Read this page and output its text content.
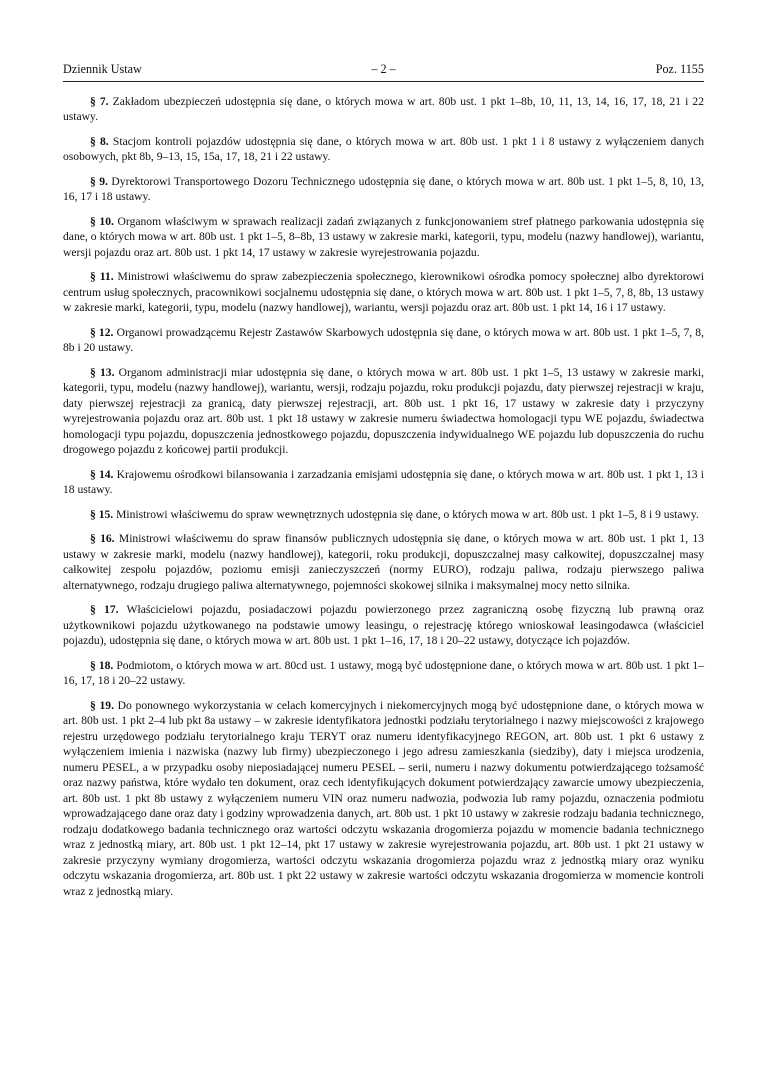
Dziennik Ustaw	– 2 –	Poz. 1155

§ 7. Zakładom ubezpieczeń udostępnia się dane, o których mowa w art. 80b ust. 1 pkt 1–8b, 10, 11, 13, 14, 16, 17, 18, 21 i 22 ustawy.

§ 8. Stacjom kontroli pojazdów udostępnia się dane, o których mowa w art. 80b ust. 1 pkt 1 i 8 ustawy z wyłączeniem danych osobowych, pkt 8b, 9–13, 15, 15a, 17, 18, 21 i 22 ustawy.

§ 9. Dyrektorowi Transportowego Dozoru Technicznego udostępnia się dane, o których mowa w art. 80b ust. 1 pkt 1–5, 8, 10, 13, 16, 17 i 18 ustawy.

§ 10. Organom właściwym w sprawach realizacji zadań związanych z funkcjonowaniem stref płatnego parkowania udostępnia się dane, o których mowa w art. 80b ust. 1 pkt 1–5, 8–8b, 13 ustawy w zakresie marki, kategorii, typu, modelu (nazwy handlowej), wariantu, wersji pojazdu oraz art. 80b ust. 1 pkt 14, 17 ustawy w zakresie wyrejestrowania pojazdu.

§ 11. Ministrowi właściwemu do spraw zabezpieczenia społecznego, kierownikowi ośrodka pomocy społecznej albo dyrektorowi centrum usług społecznych, pracownikowi socjalnemu udostępnia się dane, o których mowa w art. 80b ust. 1 pkt 1–5, 7, 8, 8b, 13 ustawy w zakresie marki, kategorii, typu, modelu (nazwy handlowej), wariantu, wersji pojazdu oraz art. 80b ust. 1 pkt 14, 16 i 17 ustawy.

§ 12. Organowi prowadzącemu Rejestr Zastawów Skarbowych udostępnia się dane, o których mowa w art. 80b ust. 1 pkt 1–5, 7, 8, 8b i 20 ustawy.

§ 13. Organom administracji miar udostępnia się dane, o których mowa w art. 80b ust. 1 pkt 1–5, 13 ustawy w zakresie marki, kategorii, typu, modelu (nazwy handlowej), wariantu, wersji, rodzaju pojazdu, roku produkcji pojazdu, daty pierwszej rejestracji w kraju, daty pierwszej rejestracji za granicą, daty pierwszej rejestracji, art. 80b ust. 1 pkt 16, 17 ustawy w zakresie daty i przyczyny wyrejestrowania pojazdu oraz art. 80b ust. 1 pkt 18 ustawy w zakresie numeru świadectwa homologacji typu WE pojazdu, świadectwa homologacji typu pojazdu, dopuszczenia jednostkowego pojazdu, dopuszczenia indywidualnego WE pojazdu lub dopuszczenia do ruchu drogowego pojazdu z końcowej partii produkcji.

§ 14. Krajowemu ośrodkowi bilansowania i zarzadzania emisjami udostępnia się dane, o których mowa w art. 80b ust. 1 pkt 1, 13 i 18 ustawy.

§ 15. Ministrowi właściwemu do spraw wewnętrznych udostępnia się dane, o których mowa w art. 80b ust. 1 pkt 1–5, 8 i 9 ustawy.

§ 16. Ministrowi właściwemu do spraw finansów publicznych udostępnia się dane, o których mowa w art. 80b ust. 1 pkt 1, 13 ustawy w zakresie marki, modelu (nazwy handlowej), kategorii, roku produkcji, dopuszczalnej masy całkowitej, dopuszczalnej masy całkowitej zespołu pojazdów, poziomu emisji zanieczyszczeń (normy EURO), rodzaju paliwa, rodzaju pierwszego paliwa alternatywnego, rodzaju drugiego paliwa alternatywnego, pojemności skokowej silnika i maksymalnej mocy netto silnika.

§ 17. Właścicielowi pojazdu, posiadaczowi pojazdu powierzonego przez zagraniczną osobę fizyczną lub prawną oraz użytkownikowi pojazdu użytkowanego na podstawie umowy leasingu, o rejestrację którego wnioskował leasingodawca (właściciel pojazdu), udostępnia się dane, o których mowa w art. 80b ust. 1 pkt 1–16, 17, 18 i 20–22 ustawy, dotyczące ich pojazdów.

§ 18. Podmiotom, o których mowa w art. 80cd ust. 1 ustawy, mogą być udostępnione dane, o których mowa w art. 80b ust. 1 pkt 1–16, 17, 18 i 20–22 ustawy.

§ 19. Do ponownego wykorzystania w celach komercyjnych i niekomercyjnych mogą być udostępnione dane, o których mowa w art. 80b ust. 1 pkt 2–4 lub pkt 8a ustawy – w zakresie identyfikatora jednostki podziału terytorialnego i nazwy miejscowości z krajowego rejestru urzędowego podziału terytorialnego kraju TERYT oraz numeru identyfikacyjnego REGON, art. 80b ust. 1 pkt 6 ustawy z wyłączeniem imienia i nazwiska (nazwy lub firmy) ubezpieczonego i jego adresu zamieszkania (siedziby), daty i miejsca urodzenia, numeru PESEL, a w przypadku osoby nieposiadającej numeru PESEL – serii, numeru i nazwy dokumentu potwierdzającego tożsamość oraz nazwy państwa, które wydało ten dokument, oraz cech identyfikujących dokument potwierdzający zawarcie umowy ubezpieczenia, art. 80b ust. 1 pkt 8b ustawy z wyłączeniem numeru VIN oraz numeru nadwozia, podwozia lub ramy pojazdu, oznaczenia podmiotu wprowadzającego dane oraz daty i godziny wprowadzenia danych, art. 80b ust. 1 pkt 10 ustawy w zakresie rodzaju badania technicznego, rodzaju dodatkowego badania technicznego oraz wartości odczytu wskazania drogomierza pojazdu w momencie badania technicznego wraz z jednostką miary, art. 80b ust. 1 pkt 12–14, pkt 17 ustawy w zakresie wyrejestrowania pojazdu, art. 80b ust. 1 pkt 21 ustawy w zakresie przyczyny wymiany drogomierza, wartości odczytu wskazania drogomierza pojazdu wraz z jednostką miary oraz wyniku odczytu wskazania drogomierza, art. 80b ust. 1 pkt 22 ustawy w zakresie wartości odczytu wskazania drogomierza w momencie kontroli wraz z jednostką miary.
